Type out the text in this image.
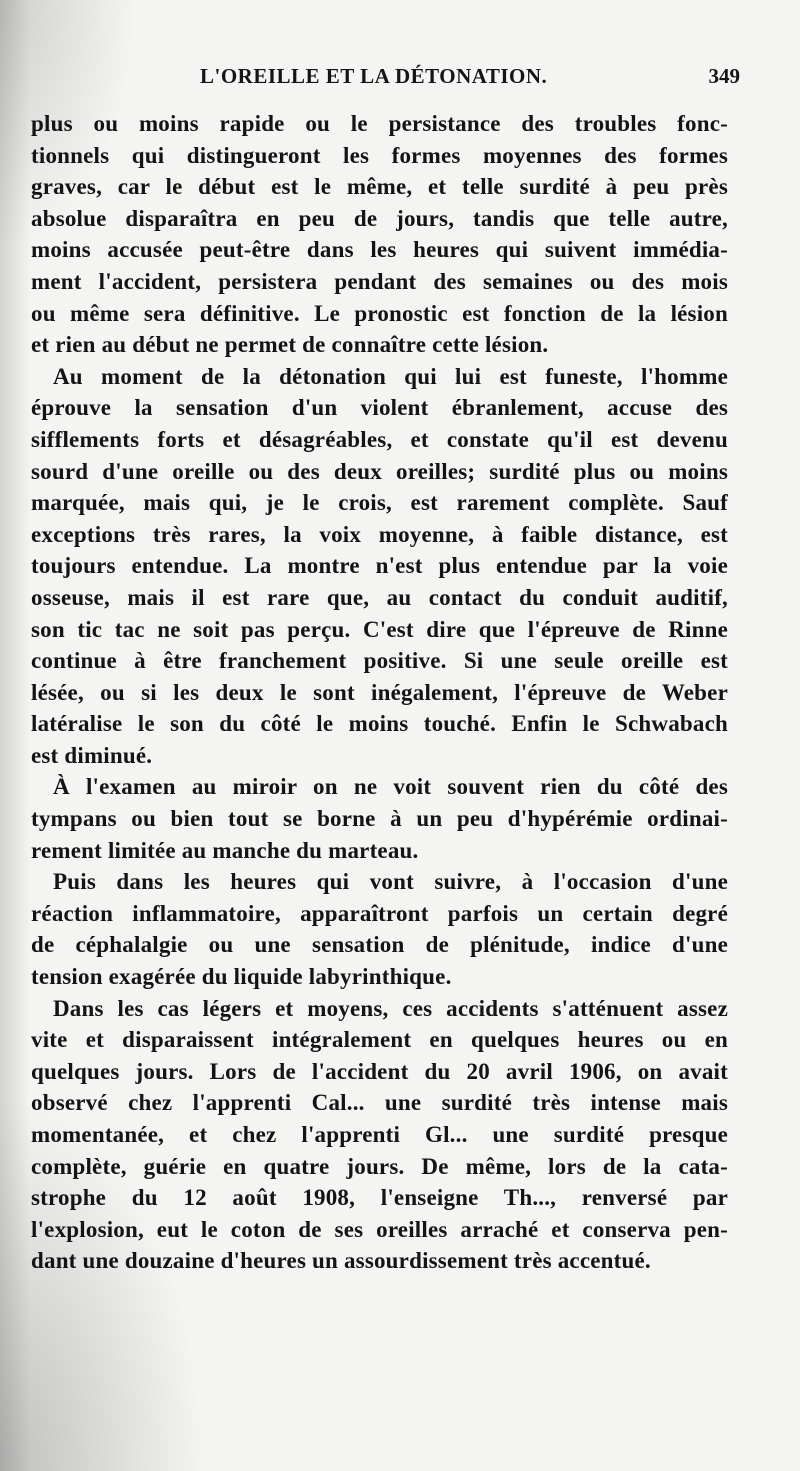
L'OREILLE ET LA DÉTONATION.	349
plus ou moins rapide ou le persistance des troubles fonc-
tionnels qui distingueront les formes moyennes des formes
graves, car le début est le même, et telle surdité à peu près
absolue disparaîtra en peu de jours, tandis que telle autre,
moins accusée peut-être dans les heures qui suivent immédia-
ment l'accident, persistera pendant des semaines ou des mois
ou même sera définitive. Le pronostic est fonction de la lésion
et rien au début ne permet de connaître cette lésion.
Au moment de la détonation qui lui est funeste, l'homme
éprouve la sensation d'un violent ébranlement, accuse des
sifflements forts et désagréables, et constate qu'il est devenu
sourd d'une oreille ou des deux oreilles; surdité plus ou moins
marquée, mais qui, je le crois, est rarement complète. Sauf
exceptions très rares, la voix moyenne, à faible distance, est
toujours entendue. La montre n'est plus entendue par la voie
osseuse, mais il est rare que, au contact du conduit auditif,
son tic tac ne soit pas perçu. C'est dire que l'épreuve de Rinne
continue à être franchement positive. Si une seule oreille est
lésée, ou si les deux le sont inégalement, l'épreuve de Weber
latéralise le son du côté le moins touché. Enfin le Schwabach
est diminué.
À l'examen au miroir on ne voit souvent rien du côté des
tympans ou bien tout se borne à un peu d'hypérémie ordinai-
rement limitée au manche du marteau.
Puis dans les heures qui vont suivre, à l'occasion d'une
réaction inflammatoire, apparaîtront parfois un certain degré
de céphalalgie ou une sensation de plénitude, indice d'une
tension exagérée du liquide labyrinthique.
Dans les cas légers et moyens, ces accidents s'atténuent assez
vite et disparaissent intégralement en quelques heures ou en
quelques jours. Lors de l'accident du 20 avril 1906, on avait
observé chez l'apprenti Cal... une surdité très intense mais
momentanée, et chez l'apprenti Gl... une surdité presque
complète, guérie en quatre jours. De même, lors de la cata-
strophe du 12 août 1908, l'enseigne Th..., renversé par
l'explosion, eut le coton de ses oreilles arraché et conserva pen-
dant une douzaine d'heures un assourdissement très accentué.
